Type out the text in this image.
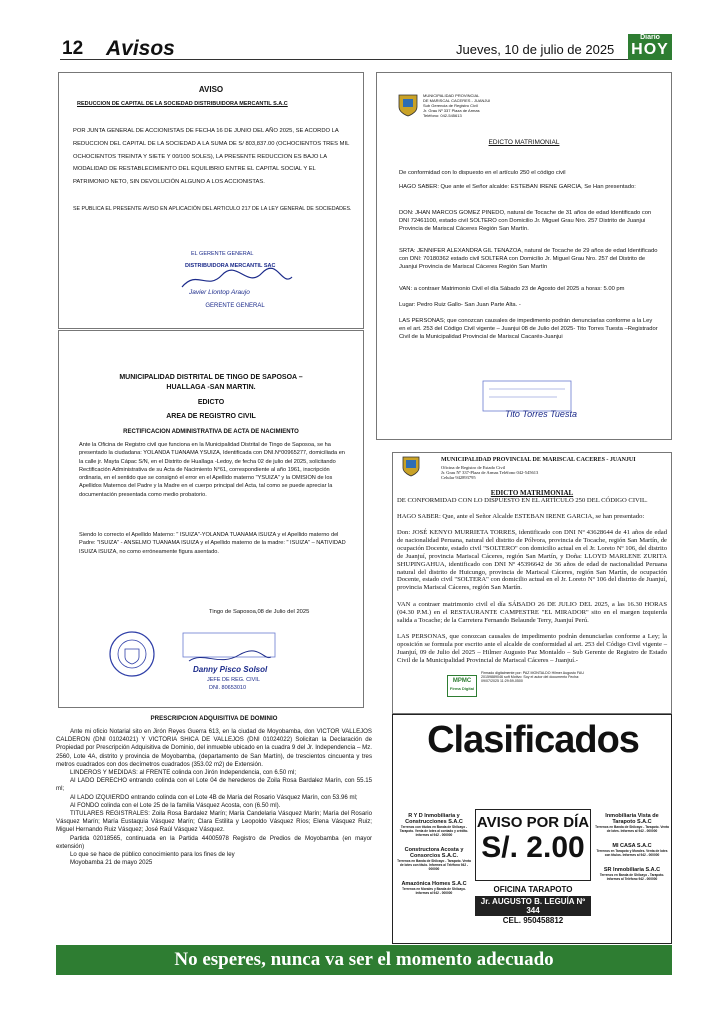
12 Avisos	Jueves, 10 de julio de 2025
Diario
HOY
AVISO
REDUCCION DE CAPITAL DE LA SOCIEDAD DISTRIBUIDORA MERCANTIL S.A.C
POR JUNTA GENERAL DE ACCIONISTAS DE FECHA 16 DE JUNIO DEL AÑO 2025, SE ACORDO LA REDUCCION DEL CAPITAL DE LA SOCIEDAD A LA SUMA DE S/ 803,837.00 (OCHOCIENTOS TRES MIL OCHOCIENTOS TREINTA Y SIETE Y 00/100 SOLES), LA PRESENTE REDUCCION ES BAJO LA MODALIDAD DE RESTABLECIMIENTO DEL EQUILIBRIO ENTRE EL CAPITAL SOCIAL Y EL PATRIMONIO NETO, SIN DEVOLUCIÓN ALGUNO A LOS ACCIONISTAS.
SE PUBLICA EL PRESENTE AVISO EN APLICACIÓN DEL ARTICULO 217 DE LA LEY GENERAL DE SOCIEDADES.
EL GERENTE GENERAL
DISTRIBUIDORA MERCANTIL SAC
Javier Llontop Araujo
GERENTE GENERAL
MUNICIPALIDAD PROVINCIAL
DE MARISCAL CACERES - JUANJUI
Sub Gerencia de Registro Civil
Jr. Grau Nº 337 Plaza de Armas
Teléfono: 042-545613
EDICTO MATRIMONIAL
De conformidad con lo dispuesto en el artículo 250 el código civil
HAGO SABER: Que ante el Señor alcalde: ESTEBAN IRENE GARCIA, Se Han presentado:
DON: JHAN MARCOS GOMEZ PINEDO, natural de Tocache de 31 años de edad Identificado con DNI 72461100, estado civil SOLTERO con Domicilio Jr. Miguel Grau Nro. 257 Distrito de Juanjui Provincia de Mariscal Cáceres Región San Martín.
SRTA: JENNIFER ALEXANDRA GIL TENAZOA, natural de Tocache de 29 años de edad Identificado con DNI: 70180362 estado civil SOLTERA con Domicilio Jr. Miguel Grau Nro. 257 del Distrito de Juanjui Provincia de Mariscal Cáceres Región San Martín
VAN: a contraer Matrimonio Civil el día Sábado 23 de Agosto del 2025 a horas: 5.00 pm
Lugar: Pedro Ruiz Gallo- San Juan Parte Alta. -
LAS PERSONAS; que conozcan causales de impedimento podrán denunciarlas conforme a la Ley en el art. 253 del Código Civil vigente – Juanjui 08 de Julio del 2025- Tito Torres Tuesta –Registrador Civil de la Municipalidad Provincial de Mariscal Cacarés-Juanjui
Tito Torres Tuesta
MUNICIPALIDAD DISTRITAL DE TINGO DE SAPOSOA –
HUALLAGA -SAN MARTIN.
EDICTO
AREA DE REGISTRO CIVIL
RECTIFICACION ADMINISTRATIVA DE ACTA DE NACIMIENTO
Ante la Oficina de Registro civil que funciona en la Municipalidad Distrital de Tingo de Saposoa, se ha presentado la ciudadana: YOLANDA TUANAMA YSUIZA, Identificada con DNI.N°00965277, domiciliada en la calle jr. Mayta Cápac S/N, en el Distrito de Huallaga -Ledoy, de fecha 02 de julio del 2025, solicitando Rectificación Administrativa de su Acta de Nacimiento N°61, correspondiente al año 1961, inscripción ordinaria, en el sentido que se consignó el error en el Apellido materno "YSUIZA" y la OMISION de los Apellidos Maternos del Padre y la Madre en el cuerpo principal del Acta, tal como se puede apreciar la documentación presentada como medio probatorio.
Siendo lo correcto el Apellido Materno: " ISUIZA"-YOLANDA TUANAMA ISUIZA y el Apellido materno del Padre: "ISUIZA" - ANSELMO TUANAMA ISUIZA y el Apellido materno de la madre: " ISUIZA" – NATIVIDAD ISUIZA ISUIZA, no como erróneamente figura asentado.
Tingo de Saposoa,08 de Julio del 2025
Danny Pisco Solsol
JEFE DE REG. CIVIL
DNI. 80653010
MUNICIPALIDAD PROVINCIAL DE MARISCAL CACERES - JUANJUI
Oficina de Registro de Estado Civil
Jr. Grau Nº 337-Plaza de Armas Teléfono 042-545613
Celular 942893795
EDICTO MATRIMONIAL
DE CONFORMIDAD CON LO DISPUESTO EN EL ARTÍCULO 250 DEL CÓDIGO CIVIL.
HAGO SABER: Que, ante el Señor Alcalde ESTEBAN IRENE GARCIA, se han presentado:
Don: JOSÉ KENYO MURRIETA TORRES, identificado con DNI Nº 43628644 de 41 años de edad de nacionalidad Peruana, natural del distrito de Pólvora, provincia de Tocache, región San Martín, de ocupación Docente, estado civil "SOLTERO" con domicilio actual en el Jr. Loreto Nº 106, del distrito de Juanjuí, provincia Mariscal Cáceres, región San Martín, y Doña: LLOYD MARLENE ZURITA SHUPINGAHUA, identificado con DNI Nº 45396642 de 36 años de edad de nacionalidad Peruana natural del distrito de Huicungo, provincia de Mariscal Cáceres, región San Martín, de ocupación Docente, estado civil "SOLTERA" con domicilio actual en el Jr. Loreto Nº 106 del distrito de Juanjuí, provincia Mariscal Cáceres, región San Martín.
VAN a contraer matrimonio civil el día SÁBADO 26 DE JULIO DEL 2025, a las 16.30 HORAS (04.30 P.M.) en el RESTAURANTE CAMPESTRE "EL MIRADOR" sito en el margen izquierda salida a Tocache; de la Carretera Fernando Belaunde Terry, Juanjuí Perú.
LAS PERSONAS, que conozcan causales de impedimento podrán denunciarlas conforme a Ley; la oposición se formula por escrito ante el alcalde de conformidad al art. 253 del Código Civil vigente – Juanjuí, 09 de Julio del 2025 – Hilmer Augusto Paz Montaldo – Sub Gerente de Registro de Estado Civil de la Municipalidad Provincial de Mariscal Cáceres – Juanjuí.-
MPMC
Firma Digital
Firmado digitalmente por: PAZ MONTALDO Hilmer Augusto FAU 20159889046 soft Motivo: Soy el autor del documento Fecha: 09/07/2025 11:29:59-0500
PRESCRIPCION ADQUISITIVA DE DOMINIO
Ante mi oficio Notarial sito en Jirón Reyes Guerra 613, en la ciudad de Moyobamba, don VICTOR VALLEJOS CALDERON (DNI 01024021) Y VICTORIA SHICA DE VALLEJOS (DNI 01024022) Solicitan la Declaración de Propiedad por Prescripción Adquisitiva de Dominio, del inmueble ubicado en la cuadra 9 del Jr. Independencia – Mz. 2560, Lote 4A, distrito y provincia de Moyobamba, (departamento de San Martín), de trescientos cincuenta y tres metros cuadrados con dos decímetros cuadrados (353.02 m2) de Extensión.
LINDEROS Y MEDIDAS: al FRENTE colinda con Jirón Independencia, con 6.50 ml;
Al LADO DERECHO entrando colinda con el Lote 04 de herederos de Zoila Rosa Bardalez Marín, con 55.15 ml;
Al LADO IZQUIERDO entrando colinda con el Lote 4B de María del Rosario Vásquez Marín, con 53.96 ml;
Al FONDO colinda con el Lote 25 de la familia Vásquez Acosta, con (6.50 ml).
TITULARES REGISTRALES: Zoila Rosa Bardalez Marín; María Candelaria Vásquez Marín; María del Rosario Vásquez Marín; María Eustaquia Vásquez Marín; Clara Estilita y Leopoldo Vásquez Ríos; Elena Vásquez Ruiz; Miguel Hernando Ruiz Vásquez; José Raúl Vásquez Vásquez.
Partida 02018565, continuada en la Partida 44005978 Registro de Predios de Moyobamba (en mayor extensión)
Lo que se hace de público conocimiento para los fines de ley
Moyobamba 21 de mayo 2025
Clasificados
R Y D Inmobiliaria y Construcciones S.A.C
Terrenos con títulos en Banda de Shilcayo - Tarapoto. Venta de lotes al contado y crédito. Informes al 942 - 000000
Constructora Acosta y Consorcios S.A.C.
Terrenos en Banda de Shilcayo - Tarapoto. Venta de lotes con título. Informes al Teléfono 942 - 000000
Amazónica Homes S.A.C
Terrenos en Morales y Banda de Shilcayo. Informes al 942 - 000000
AVISO POR DÍA
S/. 2.00
OFICINA TARAPOTO
Jr. AUGUSTO B. LEGUÍA Nº 344
CEL. 950458812
Inmobiliaria Vista de Tarapoto S.A.C
Terrenos en Banda de Shilcayo - Tarapoto. Venta de lotes. Informes al 942 - 000000
MI CASA S.A.C
Terrenos en Tarapoto y Morales. Venta de lotes con títulos. Informes al 942 - 000000
SR Inmobiliaria S.A.C
Terrenos en Banda de Shilcayo - Tarapoto. Informes al Teléfono 942 - 000000
No esperes, nunca va ser el momento adecuado
